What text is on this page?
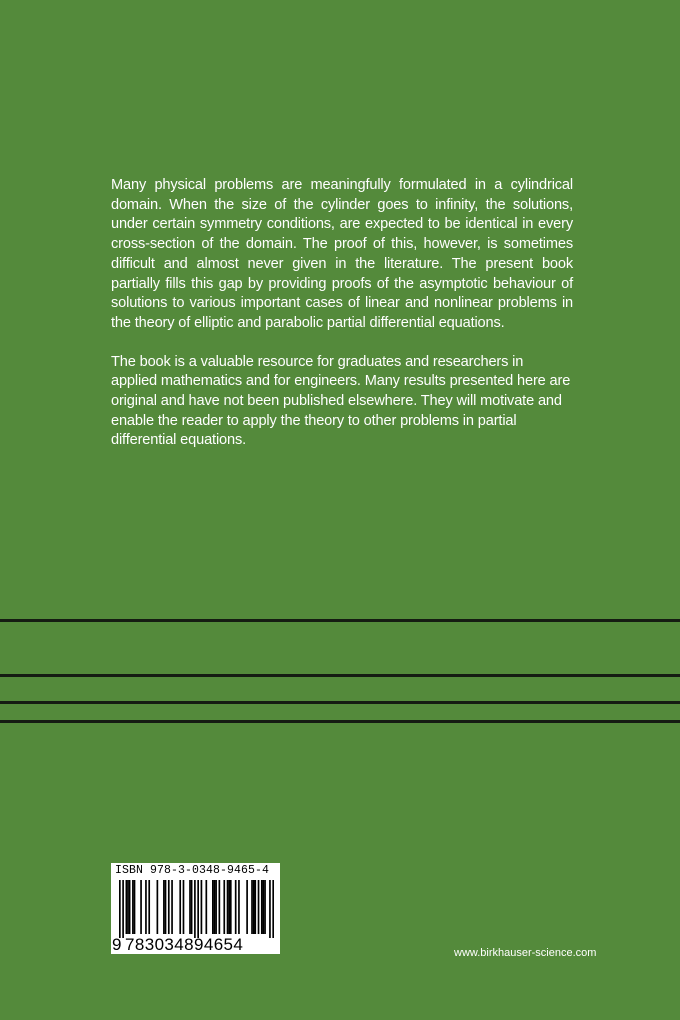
Many physical problems are meaningfully formulated in a cylindrical domain. When the size of the cylinder goes to infinity, the solutions, under certain symmetry conditions, are expected to be identical in every cross-section of the domain. The proof of this, however, is sometimes difficult and almost never given in the literature. The present book partially fills this gap by providing proofs of the asymptotic behaviour of solutions to various important cases of linear and nonlinear problems in the theory of elliptic and parabolic partial differential equations.

The book is a valuable resource for graduates and researchers in applied mathematics and for engineers. Many results presented here are original and have not been published elsewhere. They will motivate and enable the reader to apply the theory to other problems in partial differential equations.

ISBN 978-3-0348-9465-4
9 783034894654	www.birkhauser-science.com
